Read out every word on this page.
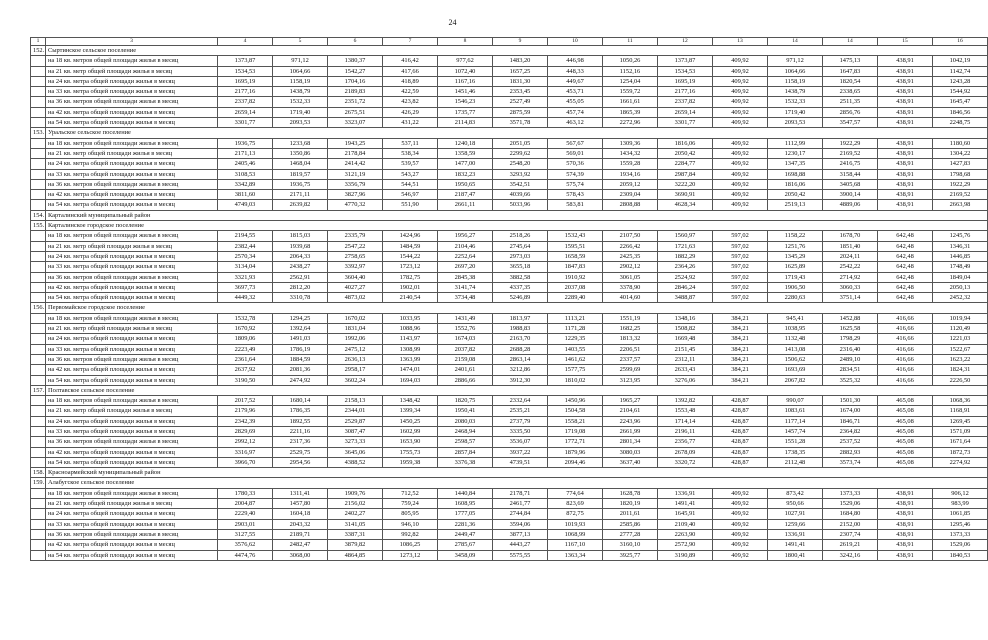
24
1	3	4	5	6	7	8	9	10	11	12	13	14	14	15	16
152.	Сыртинское сельское поселение														
	на 18 кв. метров общей площади жилья в месяц	1373,87	971,12	1380,37	416,42	977,62	1483,20	446,98	1050,26	1373,87	409,92	971,12	1475,13	438,91	1042,19
	на 21 кв. метр общей площади жилья в месяц	1534,53	1064,66	1542,27	417,66	1072,40	1657,25	448,33	1152,16	1534,53	409,92	1064,66	1647,83	438,91	1142,74
	на 24 кв. метра общей площади жилья в месяц	1695,19	1158,19	1704,16	418,89	1167,16	1831,30	449,67	1254,04	1695,19	409,92	1158,19	1820,54	438,91	1243,28
	на 33 кв. метра общей площади жилья в месяц	2177,16	1438,79	2189,83	422,59	1451,46	2353,45	453,71	1559,72	2177,16	409,92	1438,79	2338,65	438,91	1544,92
	на 36 кв. метров общей площади жилья в месяц	2337,82	1532,33	2351,72	423,82	1546,23	2527,49	455,05	1661,61	2337,82	409,92	1532,33	2511,35	438,91	1645,47
	на 42 кв. метра общей площади жилья в месяц	2659,14	1719,40	2675,51	426,29	1735,77	2875,59	457,74	1865,39	2659,14	409,92	1719,40	2856,76	438,91	1846,56
	на 54 кв. метра общей площади жилья в месяц	3301,77	2093,53	3323,07	431,22	2114,83	3571,78	463,12	2272,96	3301,77	409,92	2093,53	3547,57	438,91	2248,75
153.	Уральское сельское поселение														
	на 18 кв. метров общей площади жилья в месяц	1936,75	1233,68	1943,25	537,11	1240,18	2051,05	567,67	1309,36	1816,06	409,92	1112,99	1922,29	438,91	1180,60
	на 21 кв. метр общей площади жилья в месяц	2171,13	1350,86	2178,84	538,34	1358,59	2299,62	569,01	1434,32	2050,42	409,92	1230,17	2169,52	438,91	1304,22
	на 24 кв. метра общей площади жилья в месяц	2405,46	1468,04	2414,42	539,57	1477,00	2548,20	570,36	1559,28	2284,77	409,92	1347,35	2416,75	438,91	1427,83
	на 33 кв. метра общей площади жилья в месяц	3108,53	1819,57	3121,19	543,27	1832,23	3293,92	574,39	1934,16	2987,84	409,92	1698,88	3158,44	438,91	1798,68
	на 36 кв. метров общей площади жилья в месяц	3342,89	1936,75	3356,79	544,51	1950,65	3542,51	575,74	2059,12	3222,20	409,92	1816,06	3405,68	438,91	1922,29
	на 42 кв. метра общей площади жилья в месяц	3811,60	2171,11	3827,96	546,97	2187,47	4039,66	578,43	2309,04	3690,91	409,92	2050,42	3900,14	438,91	2169,52
	на 54 кв. метра общей площади жилья в месяц	4749,03	2639,82	4770,32	551,90	2661,11	5033,96	583,81	2808,88	4628,34	409,92	2519,13	4889,06	438,91	2663,98
154.	Карталинский муниципальный район														
155.	Карталинское городское поселение														
	на 18 кв. метров общей площади жилья в месяц	2194,55	1815,03	2335,79	1424,96	1956,27	2518,26	1532,43	2107,50	1560,97	597,02	1158,22	1678,70	642,48	1245,76
	на 21 кв. метр общей площади жилья в месяц	2382,44	1939,68	2547,22	1484,59	2104,46	2745,64	1595,51	2266,42	1721,63	597,02	1251,76	1851,40	642,48	1346,31
	на 24 кв. метра общей площади жилья в месяц	2570,34	2064,33	2758,65	1544,22	2252,64	2973,03	1658,59	2425,35	1882,29	597,02	1345,29	2024,11	642,48	1446,85
	на 33 кв. метра общей площади жилья в месяц	3134,04	2438,27	3392,97	1723,12	2697,20	3655,18	1847,83	2902,12	2364,26	597,02	1625,89	2542,22	642,48	1748,49
	на 36 кв. метров общей площади жилья в месяц	3321,93	2562,91	3604,40	1782,75	2845,38	3882,58	1910,92	3061,05	2524,92	597,02	1719,43	2714,92	642,48	1849,04
	на 42 кв. метра общей площади жилья в месяц	3697,73	2812,20	4027,27	1902,01	3141,74	4337,35	2037,08	3378,90	2846,24	597,02	1906,50	3060,33	642,48	2050,13
	на 54 кв. метра общей площади жилья в месяц	4449,32	3310,78	4873,02	2140,54	3734,48	5246,89	2289,40	4014,60	3488,87	597,02	2280,63	3751,14	642,48	2452,32
156.	Первомайское городское поселение														
	на 18 кв. метров общей площади жилья в месяц	1532,78	1294,25	1670,02	1033,95	1431,49	1813,97	1113,21	1551,19	1348,16	384,21	945,41	1452,88	416,66	1019,94
	на 21 кв. метр общей площади жилья в месяц	1670,92	1392,64	1831,04	1088,96	1552,76	1988,83	1171,28	1682,25	1508,82	384,21	1038,95	1625,58	416,66	1120,49
	на 24 кв. метра общей площади жилья в месяц	1809,06	1491,03	1992,06	1143,97	1674,03	2163,70	1229,35	1813,32	1669,48	384,21	1132,48	1798,29	416,66	1221,03
	на 33 кв. метра общей площади жилья в месяц	2223,49	1786,19	2475,12	1308,99	2037,82	2688,28	1403,55	2206,51	2151,45	384,21	1413,08	2316,40	416,66	1522,67
	на 36 кв. метров общей площади жилья в месяц	2361,64	1884,59	2636,13	1363,99	2159,08	2863,14	1461,62	2337,57	2312,11	384,21	1506,62	2489,10	416,66	1623,22
	на 42 кв. метра общей площади жилья в месяц	2637,92	2081,36	2958,17	1474,01	2401,61	3212,86	1577,75	2599,69	2633,43	384,21	1693,69	2834,51	416,66	1824,31
	на 54 кв. метра общей площади жилья в месяц	3190,50	2474,92	3602,24	1694,03	2886,66	3912,30	1810,02	3123,95	3276,06	384,21	2067,82	3525,32	416,66	2226,50
157.	Полтавское сельское поселение														
	на 18 кв. метров общей площади жилья в месяц	2017,52	1680,14	2158,13	1348,42	1820,75	2332,64	1450,96	1965,27	1392,82	428,87	990,07	1501,30	465,08	1068,36
	на 21 кв. метр общей площади жилья в месяц	2179,96	1786,35	2344,01	1399,34	1950,41	2535,21	1504,58	2104,61	1553,48	428,87	1083,61	1674,00	465,08	1168,91
	на 24 кв. метра общей площади жилья в месяц	2342,39	1892,55	2529,87	1450,25	2080,03	2737,79	1558,21	2243,96	1714,14	428,87	1177,14	1846,71	465,08	1269,45
	на 33 кв. метра общей площади жилья в месяц	2829,69	2211,16	3087,47	1602,99	2468,94	3335,50	1719,08	2661,99	2196,11	428,87	1457,74	2364,82	465,08	1571,09
	на 36 кв. метров общей площади жилья в месяц	2992,12	2317,36	3273,33	1653,90	2598,57	3536,07	1772,71	2801,34	2356,77	428,87	1551,28	2537,52	465,08	1671,64
	на 42 кв. метра общей площади жилья в месяц	3316,97	2529,75	3645,06	1755,73	2857,84	3937,22	1879,96	3080,03	2678,09	428,87	1738,35	2882,93	465,08	1872,73
	на 54 кв. метра общей площади жилья в месяц	3966,70	2954,56	4388,52	1959,38	3376,38	4739,51	2094,46	3637,40	3320,72	428,87	2112,48	3573,74	465,08	2274,92
158.	Красноармейский муниципальный район														
159.	Алабугское сельское поселение														
	на 18 кв. метров общей площади жилья в месяц	1780,33	1311,41	1909,76	712,52	1440,84	2178,71	774,64	1628,78	1336,91	409,92	873,42	1373,33	438,91	906,12
	на 21 кв. метр общей площади жилья в месяц	2004,87	1457,80	2156,02	759,24	1608,95	2461,77	823,69	1820,19	1491,41	409,92	950,66	1529,06	438,91	983,99
	на 24 кв. метра общей площади жилья в месяц	2229,40	1604,18	2402,27	805,95	1777,05	2744,84	872,75	2011,61	1645,91	409,92	1027,91	1684,80	438,91	1061,85
	на 33 кв. метра общей площади жилья в месяц	2903,01	2043,32	3141,05	946,10	2281,36	3594,06	1019,93	2585,86	2109,40	409,92	1259,66	2152,00	438,91	1295,46
	на 36 кв. метров общей площади жилья в месяц	3127,55	2189,71	3387,31	992,82	2449,47	3877,13	1068,99	2777,28	2263,90	409,92	1336,91	2307,74	438,91	1373,33
	на 42 кв. метра общей площади жилья в месяц	3576,62	2482,47	3879,82	1086,25	2785,67	4443,27	1167,10	3160,10	2572,90	409,92	1491,41	2619,21	438,91	1529,06
	на 54 кв. метра общей площади жилья в месяц	4474,76	3068,00	4864,85	1273,12	3458,09	5575,55	1363,34	3925,77	3190,89	409,92	1800,41	3242,16	438,91	1840,53
